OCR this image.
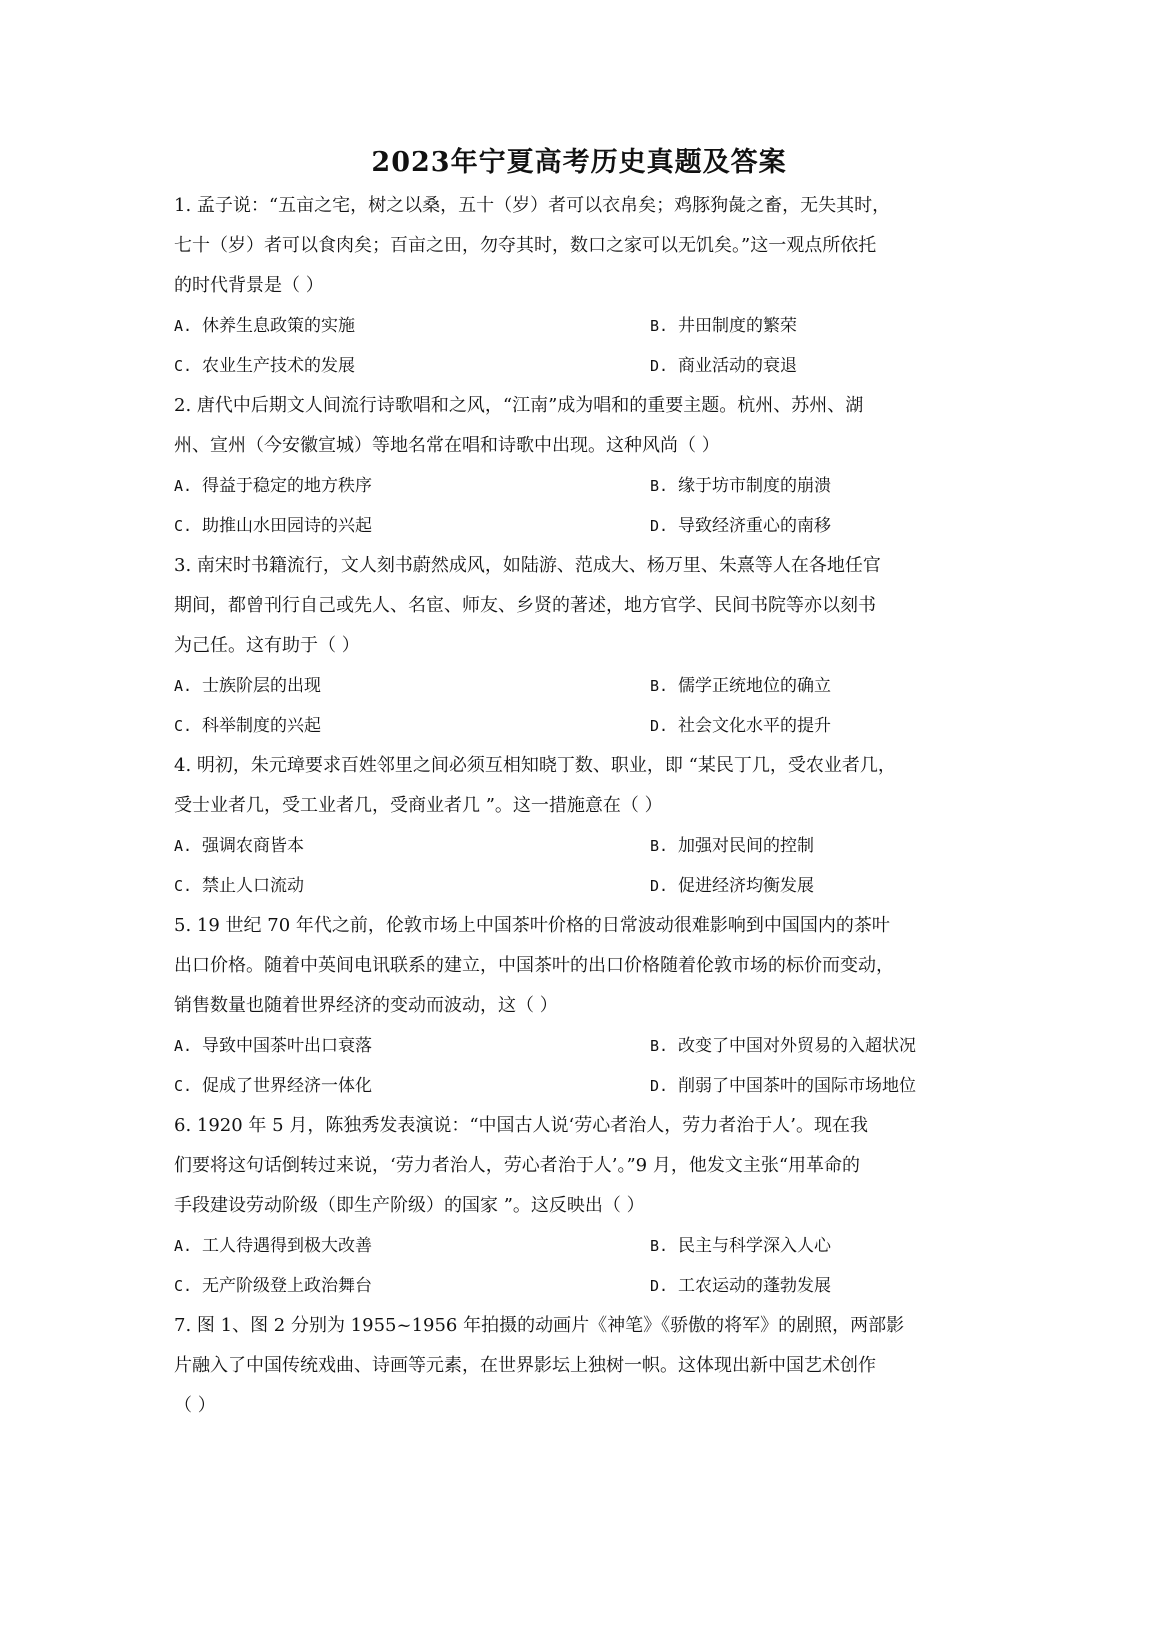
2023年宁夏高考历史真题及答案
1. 孟子说：“五亩之宅，树之以桑，五十（岁）者可以衣帛矣；鸡豚狗彘之畜，无失其时，
七十（岁）者可以食肉矣；百亩之田，勿夺其时，数口之家可以无饥矣。”这一观点所依托
的时代背景是（ ）
A. 休养生息政策的实施	B. 井田制度的繁荣
C. 农业生产技术的发展	D. 商业活动的衰退
2. 唐代中后期文人间流行诗歌唱和之风，“江南”成为唱和的重要主题。杭州、苏州、湖
州、宣州（今安徽宣城）等地名常在唱和诗歌中出现。这种风尚（ ）
A. 得益于稳定的地方秩序	B. 缘于坊市制度的崩溃
C. 助推山水田园诗的兴起	D. 导致经济重心的南移
3. 南宋时书籍流行，文人刻书蔚然成风，如陆游、范成大、杨万里、朱熹等人在各地任官
期间，都曾刊行自己或先人、名宦、师友、乡贤的著述，地方官学、民间书院等亦以刻书
为己任。这有助于（ ）
A. 士族阶层的出现	B. 儒学正统地位的确立
C. 科举制度的兴起	D. 社会文化水平的提升
4. 明初，朱元璋要求百姓邻里之间必须互相知晓丁数、职业，即 “某民丁几，受农业者几，
受士业者几，受工业者几，受商业者几 ”。这一措施意在（ ）
A. 强调农商皆本	B. 加强对民间的控制
C. 禁止人口流动	D. 促进经济均衡发展
5. 19 世纪 70 年代之前，伦敦市场上中国茶叶价格的日常波动很难影响到中国国内的茶叶
出口价格。随着中英间电讯联系的建立，中国茶叶的出口价格随着伦敦市场的标价而变动，
销售数量也随着世界经济的变动而波动，这（ ）
A. 导致中国茶叶出口衰落	B. 改变了中国对外贸易的入超状况
C. 促成了世界经济一体化	D. 削弱了中国茶叶的国际市场地位
6. 1920 年 5 月，陈独秀发表演说：“中国古人说‘劳心者治人，劳力者治于人’。现在我
们要将这句话倒转过来说，‘劳力者治人，劳心者治于人’。”9 月，他发文主张“用革命的
手段建设劳动阶级（即生产阶级）的国家 ”。这反映出（ ）
A. 工人待遇得到极大改善	B. 民主与科学深入人心
C. 无产阶级登上政治舞台	D. 工农运动的蓬勃发展
7. 图 1、图 2 分别为 1955~1956 年拍摄的动画片《神笔》《骄傲的将军》的剧照，两部影
片融入了中国传统戏曲、诗画等元素，在世界影坛上独树一帜。这体现出新中国艺术创作
（ ）
